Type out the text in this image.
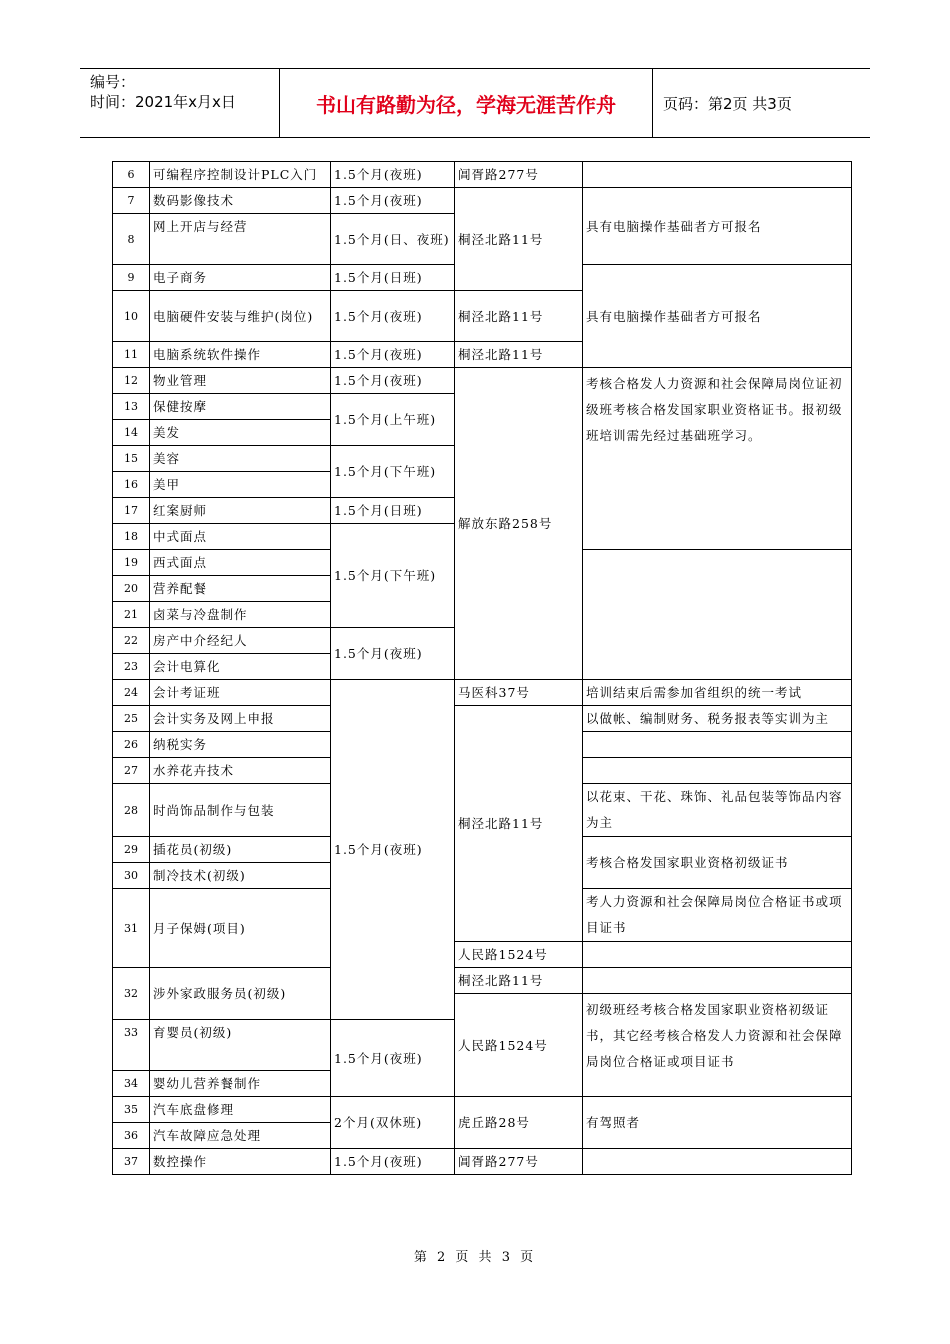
编号：
时间：2021年x月x日	书山有路勤为径，学海无涯苦作舟	页码：第2页 共3页
6	可编程序控制设计PLC入门	1.5个月(夜班)	阊胥路277号		
7	数码影像技术	1.5个月(夜班)	桐泾北路11号	具有电脑操作基础者方可报名	
8	网上开店与经营	1.5个月(日、夜班)			
9	电子商务	1.5个月(日班)		具有电脑操作基础者方可报名	
10	电脑硬件安装与维护(岗位)	1.5个月(夜班)	桐泾北路11号		
11	电脑系统软件操作	1.5个月(夜班)	桐泾北路11号		
12	物业管理	1.5个月(夜班)	解放东路258号	考核合格发人力资源和社会保障局岗位证初级班考核合格发国家职业资格证书。报初级班培训需先经过基础班学习。	
13	保健按摩	1.5个月(上午班)			
14	美发				
15	美容	1.5个月(下午班)			
16	美甲				
17	红案厨师	1.5个月(日班)			
18	中式面点	1.5个月(下午班)			
19	西式面点				
20	营养配餐				
21	卤菜与冷盘制作				
22	房产中介经纪人	1.5个月(夜班)			
23	会计电算化				
24	会计考证班	1.5个月(夜班)	马医科37号	培训结束后需参加省组织的统一考试	
25	会计实务及网上申报		桐泾北路11号	以做帐、编制财务、税务报表等实训为主	
26	纳税实务				
27	水养花卉技术				
28	时尚饰品制作与包装			以花束、干花、珠饰、礼品包装等饰品内容为主	
29	插花员(初级)			考核合格发国家职业资格初级证书	
30	制冷技术(初级)				
31	月子保姆(项目)			考人力资源和社会保障局岗位合格证书或项目证书	
			人民路1524号		
32	涉外家政服务员(初级)		桐泾北路11号		
			人民路1524号	初级班经考核合格发国家职业资格初级证书，其它经考核合格发人力资源和社会保障局岗位合格证或项目证书	
33	育婴员(初级)	1.5个月(夜班)			
34	婴幼儿营养餐制作				
35	汽车底盘修理	2个月(双休班)	虎丘路28号	有驾照者	
36	汽车故障应急处理				
37	数控操作	1.5个月(夜班)	阊胥路277号		
第 2 页 共 3 页
